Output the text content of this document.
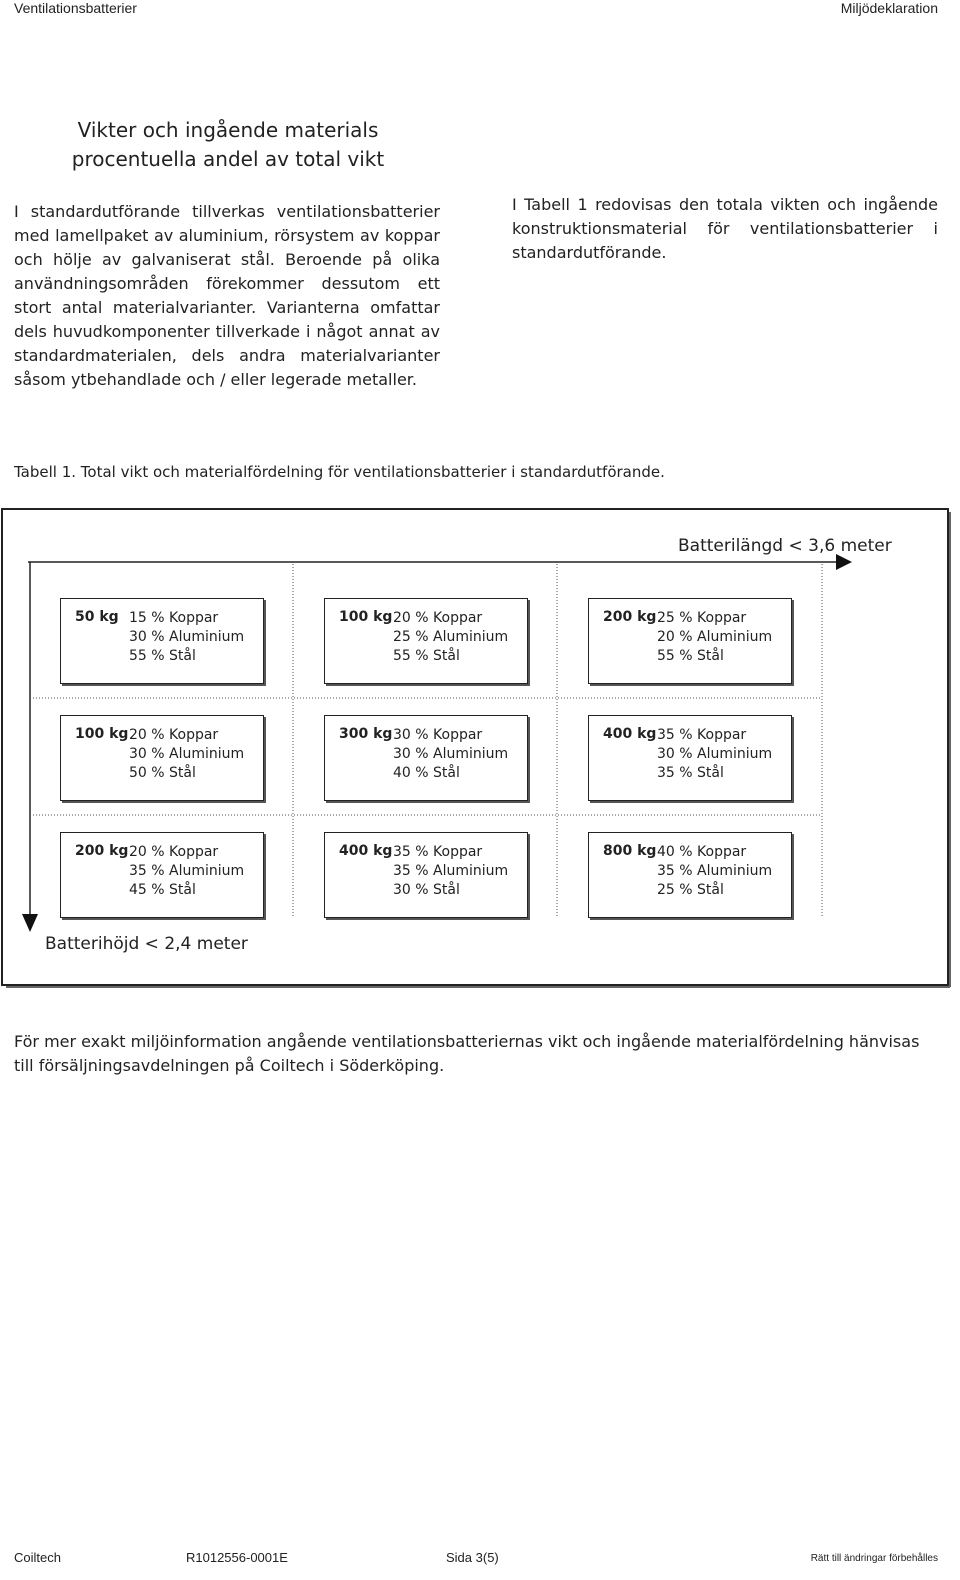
Ventilationsbatterier	Miljödeklaration
Vikter och ingående materials
procentuella andel av total vikt
I standardutförande tillverkas ventilationsbatterier med lamellpaket av aluminium, rörsystem av koppar och hölje av galvaniserat stål. Beroende på olika användningsområden förekommer dessutom ett stort antal materialvarianter. Varianterna omfattar dels huvudkomponenter tillverkade i något annat av standardmaterialen, dels andra materialvarianter såsom ytbehandlade och / eller legerade metaller.
I Tabell 1 redovisas den totala vikten och ingående konstruktionsmaterial för ventilationsbatterier i standardutförande.
Tabell 1. Total vikt och materialfördelning för ventilationsbatterier i standardutförande.
Batterilängd < 3,6 meter
Batterihöjd < 2,4 meter
50 kg 15 % Koppar
30 % Aluminium
55 % Stål
100 kg 20 % Koppar
25 % Aluminium
55 % Stål
200 kg 25 % Koppar
20 % Aluminium
55 % Stål
100 kg 20 % Koppar
30 % Aluminium
50 % Stål
300 kg 30 % Koppar
30 % Aluminium
40 % Stål
400 kg 35 % Koppar
30 % Aluminium
35 % Stål
200 kg 20 % Koppar
35 % Aluminium
45 % Stål
400 kg 35 % Koppar
35 % Aluminium
30 % Stål
800 kg 40 % Koppar
35 % Aluminium
25 % Stål
För mer exakt miljöinformation angående ventilationsbatteriernas vikt och ingående materialfördelning hänvisas till försäljningsavdelningen på Coiltech i Söderköping.
Coiltech	R1012556-0001E	Sida 3(5)	Rätt till ändringar förbehålles
